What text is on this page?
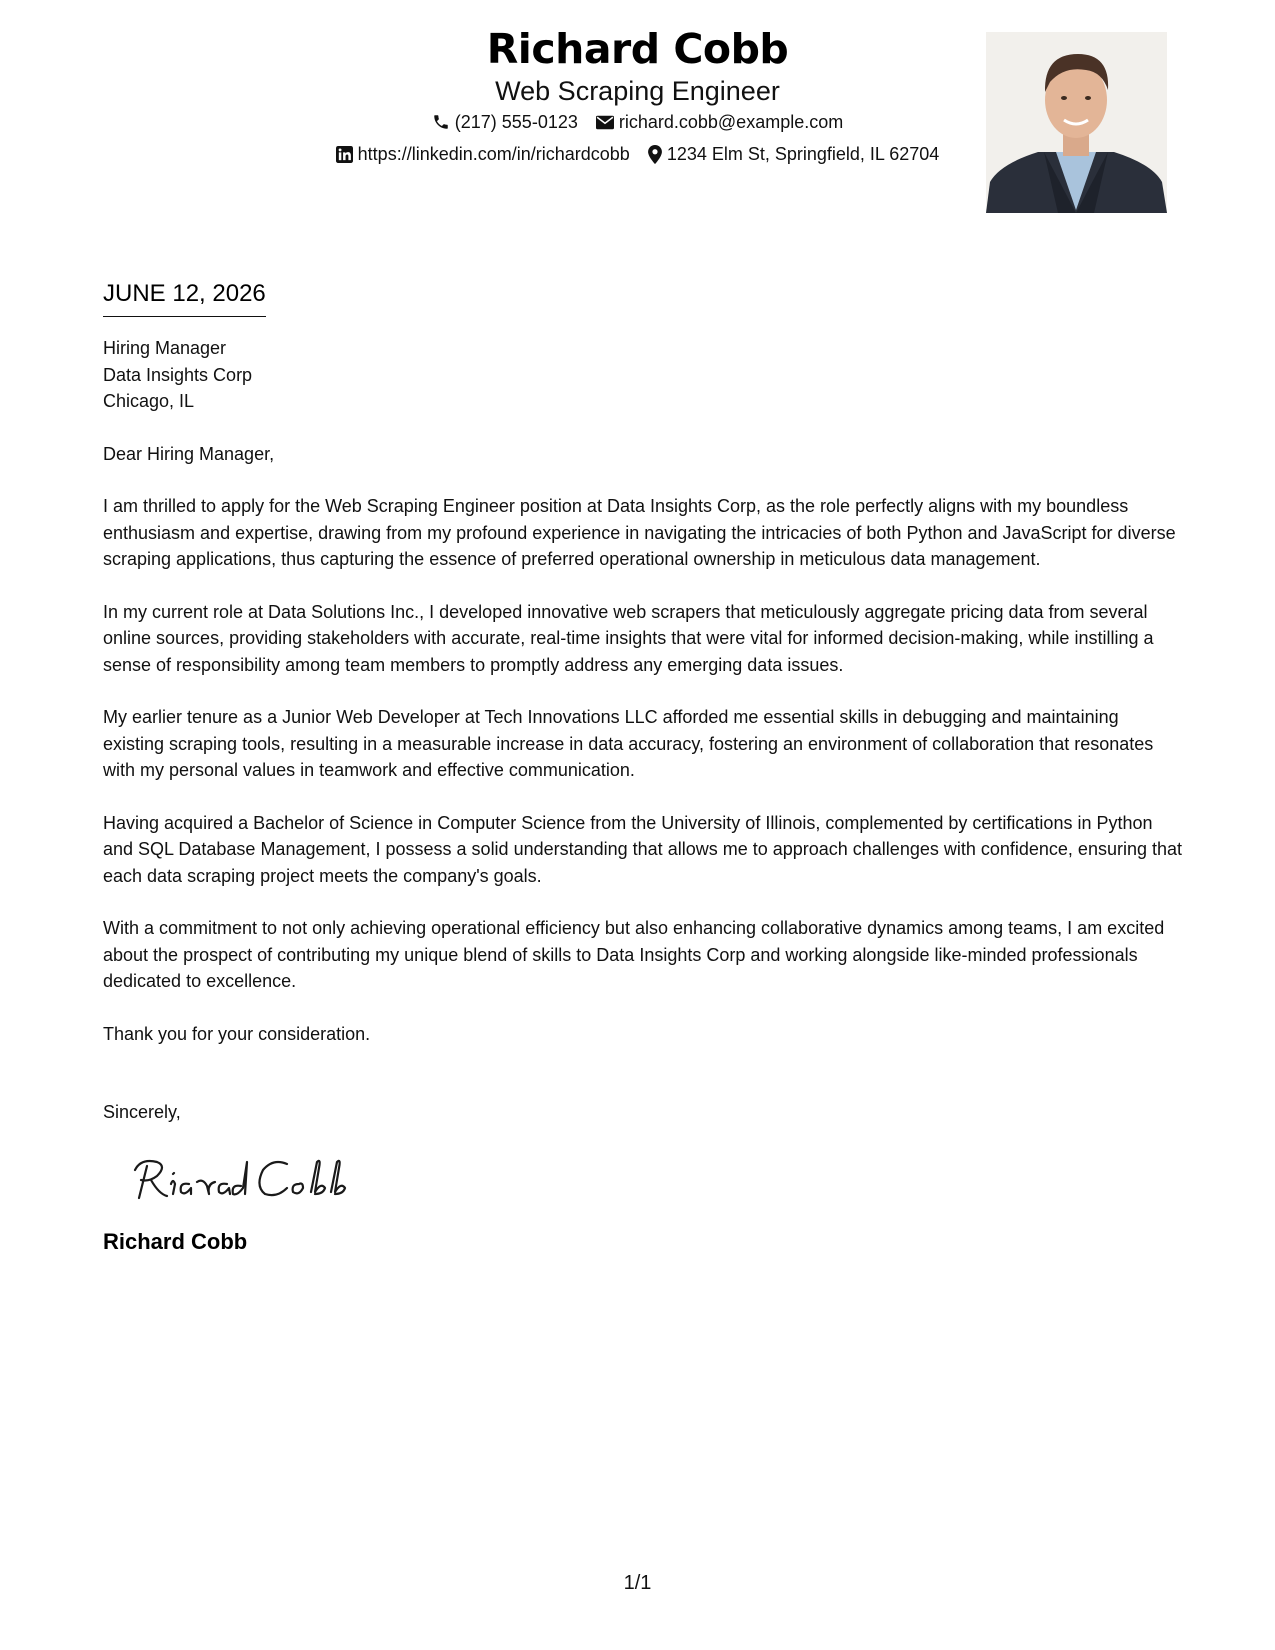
Richard Cobb
Web Scraping Engineer
(217) 555-0123 richard.cobb@example.com
https://linkedin.com/in/richardcobb 1234 Elm St, Springfield, IL 62704
JUNE 12, 2026
Hiring Manager
Data Insights Corp
Chicago, IL
Dear Hiring Manager,
I am thrilled to apply for the Web Scraping Engineer position at Data Insights Corp, as the role perfectly aligns with my boundless enthusiasm and expertise, drawing from my profound experience in navigating the intricacies of both Python and JavaScript for diverse scraping applications, thus capturing the essence of preferred operational ownership in meticulous data management.
In my current role at Data Solutions Inc., I developed innovative web scrapers that meticulously aggregate pricing data from several online sources, providing stakeholders with accurate, real-time insights that were vital for informed decision-making, while instilling a sense of responsibility among team members to promptly address any emerging data issues.
My earlier tenure as a Junior Web Developer at Tech Innovations LLC afforded me essential skills in debugging and maintaining existing scraping tools, resulting in a measurable increase in data accuracy, fostering an environment of collaboration that resonates with my personal values in teamwork and effective communication.
Having acquired a Bachelor of Science in Computer Science from the University of Illinois, complemented by certifications in Python and SQL Database Management, I possess a solid understanding that allows me to approach challenges with confidence, ensuring that each data scraping project meets the company's goals.
With a commitment to not only achieving operational efficiency but also enhancing collaborative dynamics among teams, I am excited about the prospect of contributing my unique blend of skills to Data Insights Corp and working alongside like-minded professionals dedicated to excellence.
Thank you for your consideration.
Sincerely,
Richard Cobb
1/1
